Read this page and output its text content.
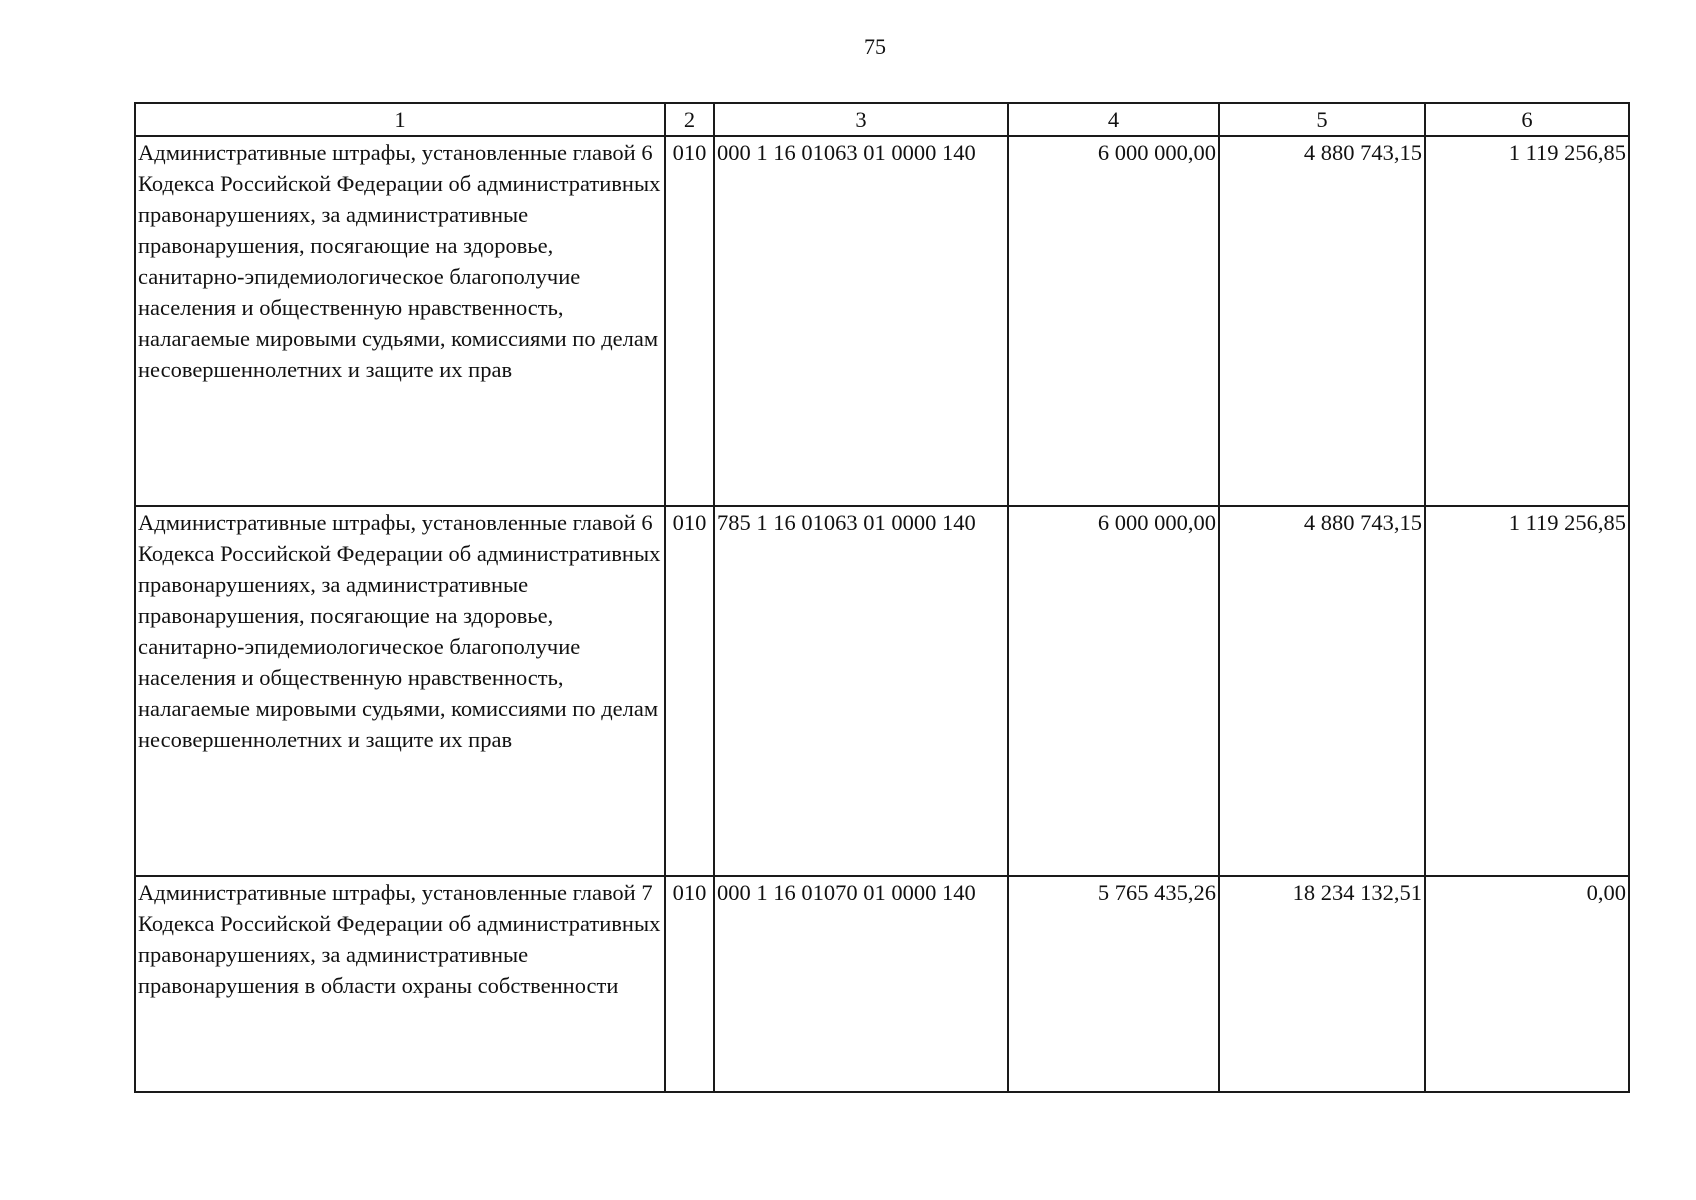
75
1	2	3	4	5	6
Административные штрафы, установленные главой 6 Кодекса Российской Федерации об административных правонарушениях, за административные правонарушения, посягающие на здоровье, санитарно-эпидемиологическое благополучие населения и общественную нравственность, налагаемые мировыми судьями, комиссиями по делам несовершеннолетних и защите их прав	010	000 1 16 01063 01 0000 140	6 000 000,00	4 880 743,15	1 119 256,85
Административные штрафы, установленные главой 6 Кодекса Российской Федерации об административных правонарушениях, за административные правонарушения, посягающие на здоровье, санитарно-эпидемиологическое благополучие населения и общественную нравственность, налагаемые мировыми судьями, комиссиями по делам несовершеннолетних и защите их прав	010	785 1 16 01063 01 0000 140	6 000 000,00	4 880 743,15	1 119 256,85
Административные штрафы, установленные главой 7 Кодекса Российской Федерации об административных правонарушениях, за административные правонарушения в области охраны собственности	010	000 1 16 01070 01 0000 140	5 765 435,26	18 234 132,51	0,00
